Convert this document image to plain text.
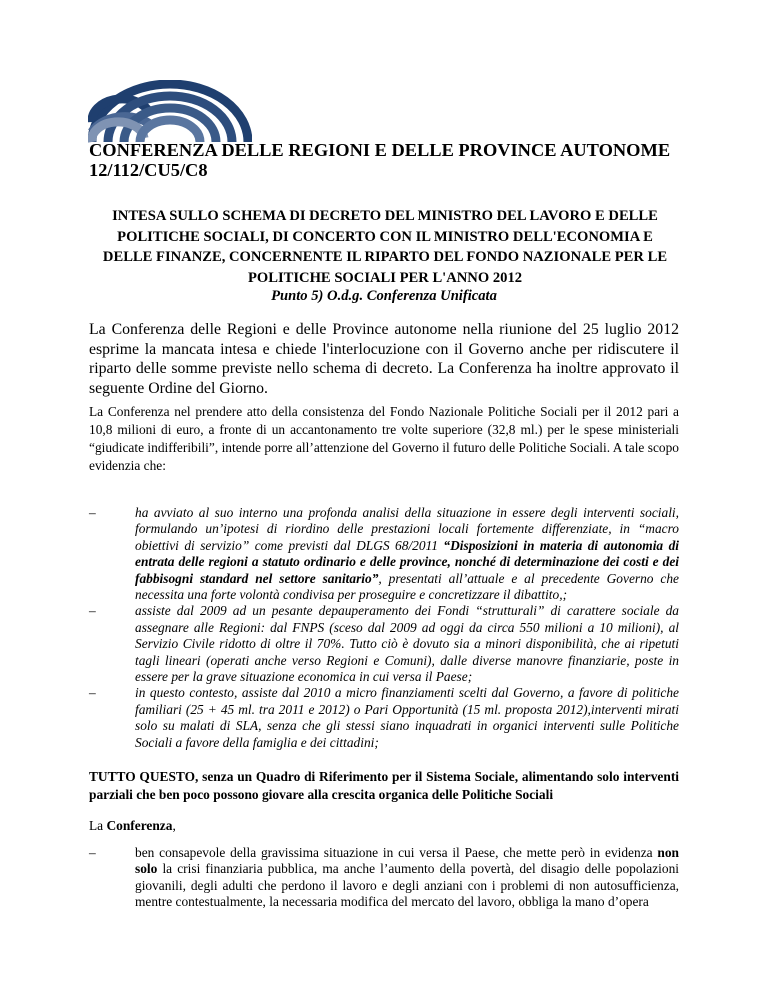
CONFERENZA DELLE REGIONI E DELLE PROVINCE AUTONOME
12/112/CU5/C8

INTESA SULLO SCHEMA DI DECRETO DEL MINISTRO DEL LAVORO E DELLE POLITICHE SOCIALI, DI CONCERTO CON IL MINISTRO DELL'ECONOMIA E DELLE FINANZE, CONCERNENTE IL RIPARTO DEL FONDO NAZIONALE PER LE POLITICHE SOCIALI PER L'ANNO 2012

Punto 5) O.d.g. Conferenza Unificata

La Conferenza delle Regioni e delle Province autonome nella riunione del 25 luglio 2012 esprime la mancata intesa e chiede l'interlocuzione con il Governo anche per ridiscutere il riparto delle somme previste nello schema di decreto. La Conferenza ha inoltre approvato il seguente Ordine del Giorno.

La Conferenza nel prendere atto della consistenza del Fondo Nazionale Politiche Sociali per il 2012 pari a 10,8 milioni di euro, a fronte di un accantonamento tre volte superiore (32,8 ml.) per le spese ministeriali “giudicate indifferibili”, intende porre all’attenzione del Governo il futuro delle Politiche Sociali. A tale scopo evidenzia che:

–	ha avviato al suo interno una profonda analisi della situazione in essere degli interventi sociali, formulando un’ipotesi di riordino delle prestazioni locali fortemente differenziate, in “macro obiettivi di servizio” come previsti dal DLGS 68/2011 “Disposizioni in materia di autonomia di entrata delle regioni a statuto ordinario e delle province, nonché di determinazione dei costi e dei fabbisogni standard nel settore sanitario”, presentati all’attuale e al precedente Governo che necessita una forte volontà condivisa per proseguire e concretizzare il dibattito,;
–	assiste dal 2009 ad un pesante depauperamento dei Fondi “strutturali” di carattere sociale da assegnare alle Regioni: dal FNPS (sceso dal 2009 ad oggi da circa 550 milioni a 10 milioni), al Servizio Civile ridotto di oltre il 70%. Tutto ciò è dovuto sia a minori disponibilità, che ai ripetuti tagli lineari (operati anche verso Regioni e Comuni), dalle diverse manovre finanziarie, poste in essere per la grave situazione economica in cui versa il Paese;
–	in questo contesto, assiste dal 2010 a micro finanziamenti scelti dal Governo, a favore di politiche familiari (25 + 45 ml. tra 2011 e 2012) o Pari Opportunità (15 ml. proposta 2012),interventi mirati solo su malati di SLA, senza che gli stessi siano inquadrati in organici interventi sulle Politiche Sociali a favore della famiglia e dei cittadini;

TUTTO QUESTO, senza un Quadro di Riferimento per il Sistema Sociale, alimentando solo interventi parziali che ben poco possono giovare alla crescita organica delle Politiche Sociali

La Conferenza,

–	ben consapevole della gravissima situazione in cui versa il Paese, che mette però in evidenza non solo la crisi finanziaria pubblica, ma anche l’aumento della povertà, del disagio delle popolazioni giovanili, degli adulti che perdono il lavoro e degli anziani con i problemi di non autosufficienza, mentre contestualmente, la necessaria modifica del mercato del lavoro, obbliga la mano d’opera
